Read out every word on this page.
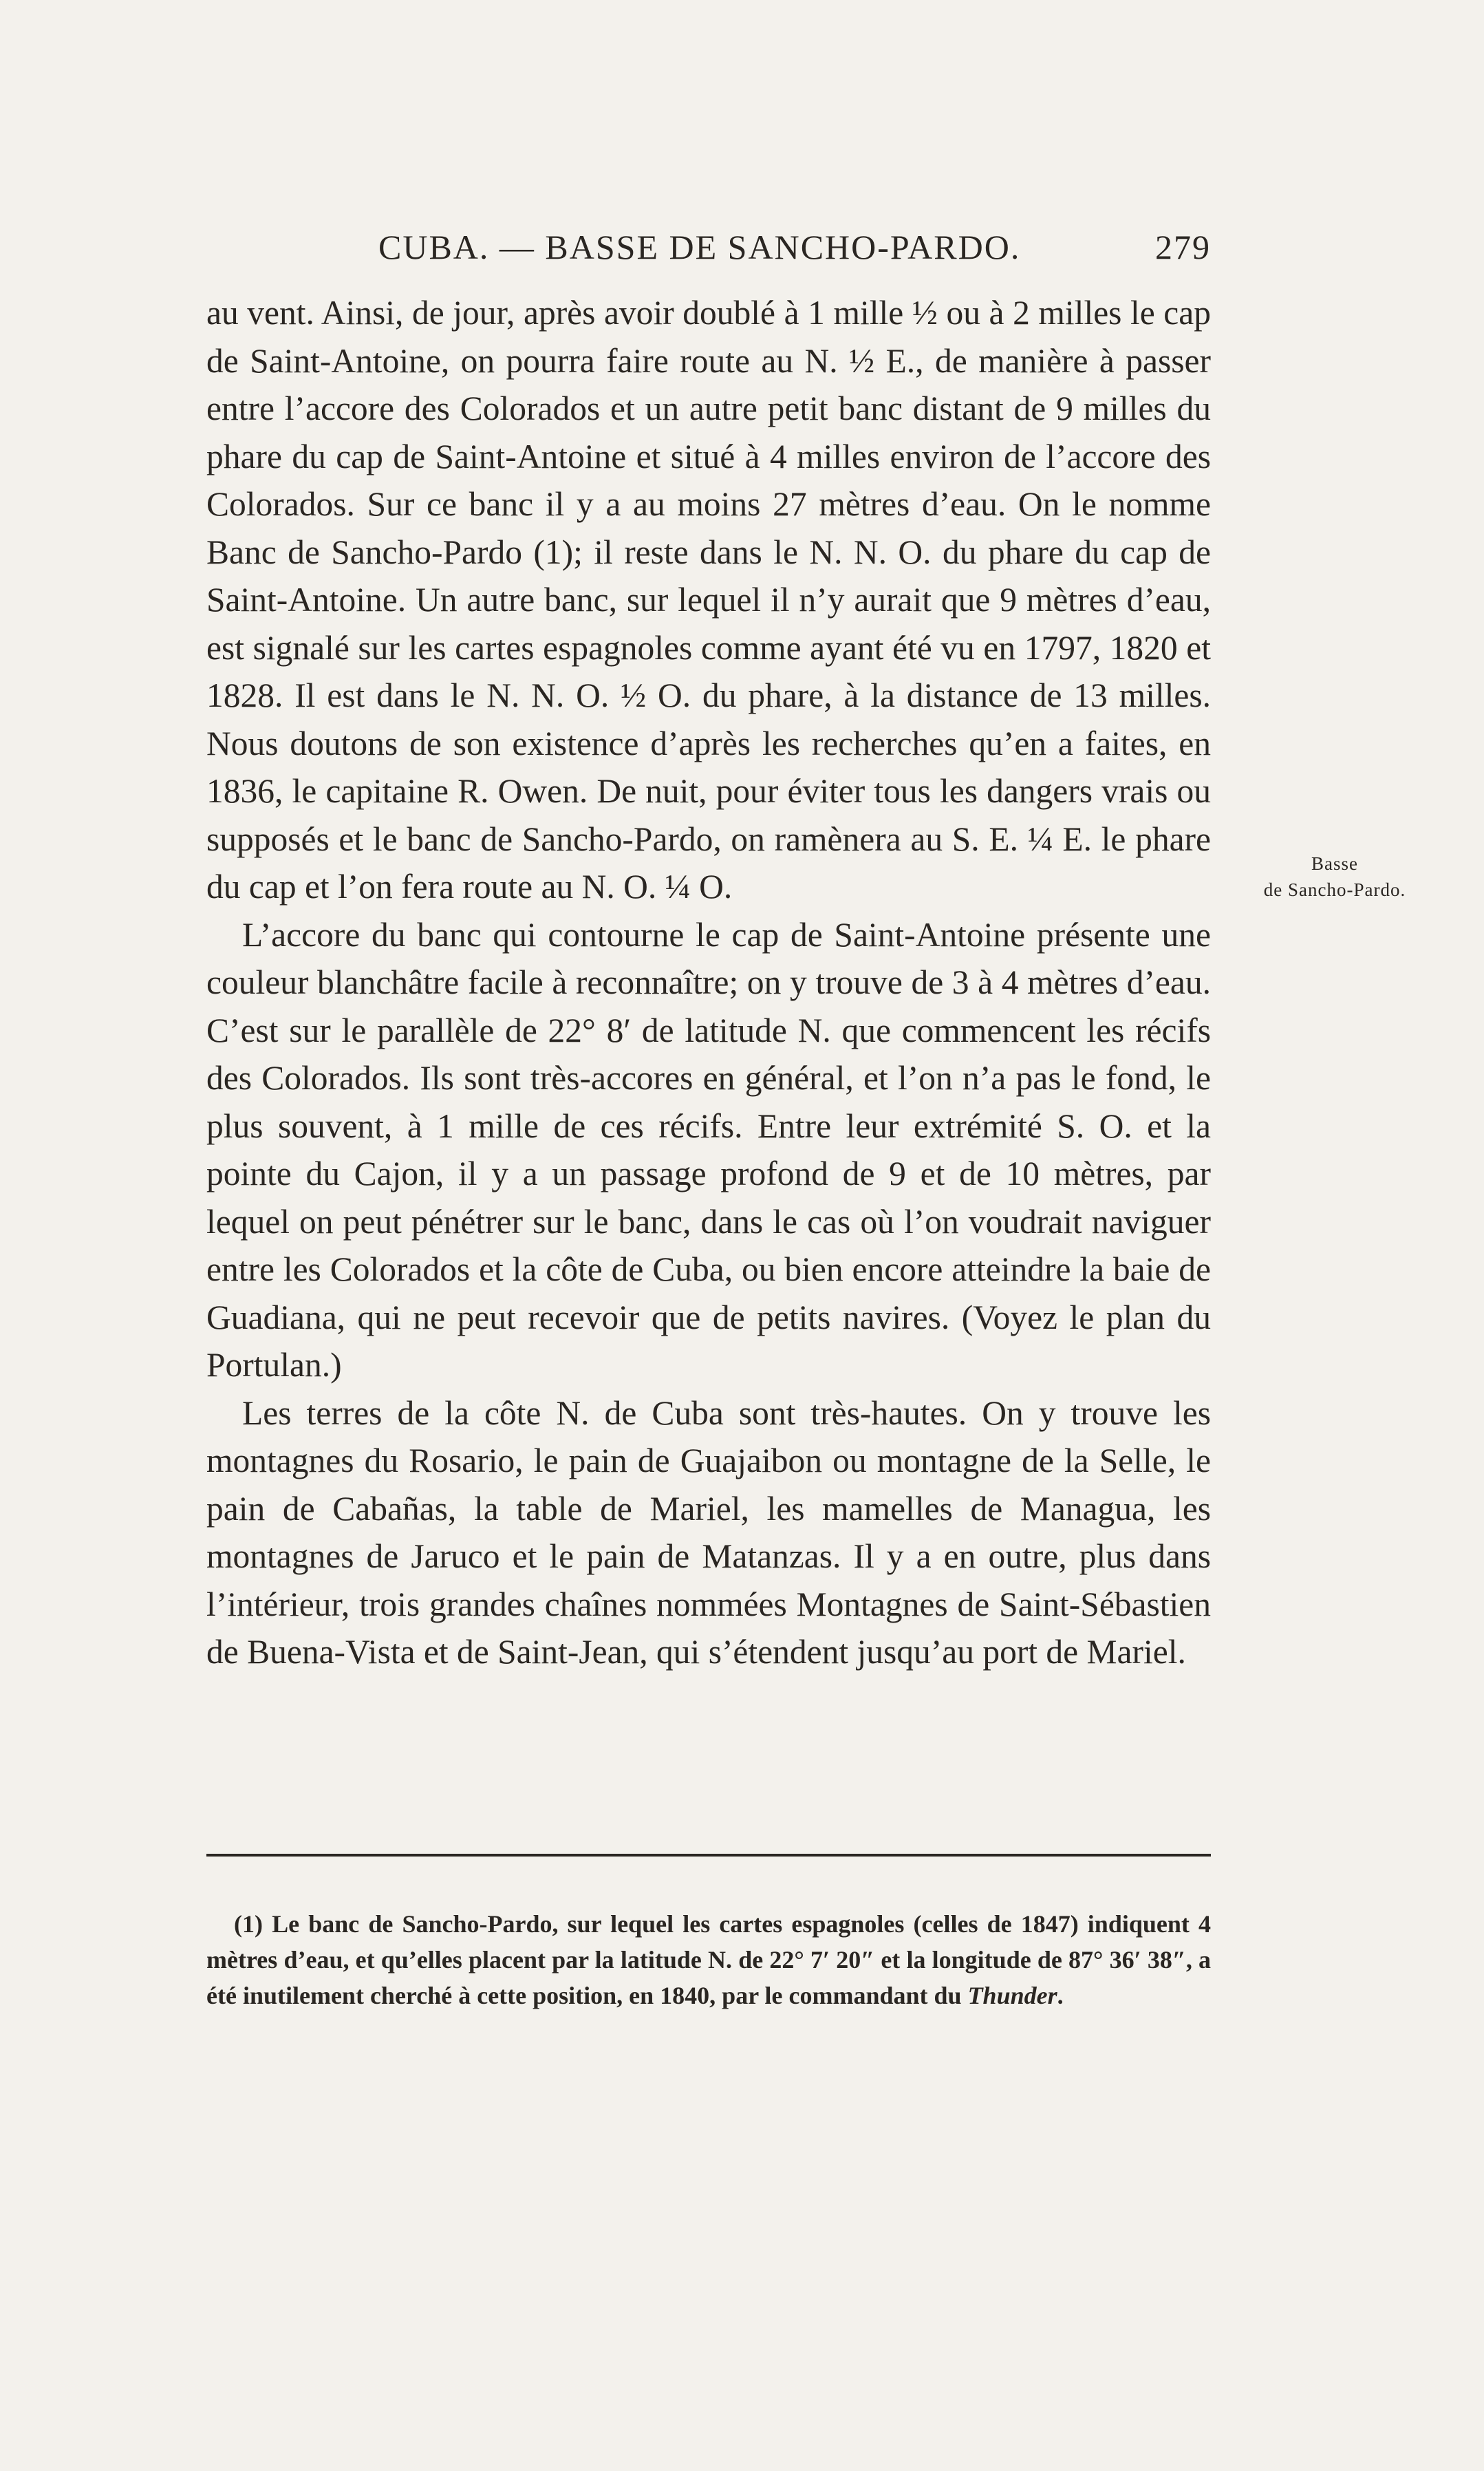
CUBA. — BASSE DE SANCHO-PARDO.	279

au vent. Ainsi, de jour, après avoir doublé à 1 mille ½ ou à 2 milles le cap de Saint-Antoine, on pourra faire route au N. ½ E., de manière à passer entre l’accore des Colorados et un autre petit banc distant de 9 milles du phare du cap de Saint-Antoine et situé à 4 milles environ de l’accore des Colorados. Sur ce banc il y a au moins 27 mètres d’eau. On le nomme Banc de Sancho-Pardo (1); il reste dans le N. N. O. du phare du cap de Saint-Antoine. Un autre banc, sur lequel il n’y aurait que 9 mètres d’eau, est signalé sur les cartes espagnoles comme ayant été vu en 1797, 1820 et 1828. Il est dans le N. N. O. ½ O. du phare, à la distance de 13 milles. Nous doutons de son existence d’après les recherches qu’en a faites, en 1836, le capitaine R. Owen. De nuit, pour éviter tous les dangers vrais ou supposés et le banc de Sancho-Pardo, on ramènera au S. E. ¼ E. le phare du cap et l’on fera route au N. O. ¼ O.

L’accore du banc qui contourne le cap de Saint-Antoine présente une couleur blanchâtre facile à reconnaître; on y trouve de 3 à 4 mètres d’eau. C’est sur le parallèle de 22° 8′ de latitude N. que commencent les récifs des Colorados. Ils sont très-accores en général, et l’on n’a pas le fond, le plus souvent, à 1 mille de ces récifs. Entre leur extrémité S. O. et la pointe du Cajon, il y a un passage profond de 9 et de 10 mètres, par lequel on peut pénétrer sur le banc, dans le cas où l’on voudrait naviguer entre les Colorados et la côte de Cuba, ou bien encore atteindre la baie de Guadiana, qui ne peut recevoir que de petits navires. (Voyez le plan du Portulan.)

Les terres de la côte N. de Cuba sont très-hautes. On y trouve les montagnes du Rosario, le pain de Guajaibon ou montagne de la Selle, le pain de Cabañas, la table de Mariel, les mamelles de Managua, les montagnes de Jaruco et le pain de Matanzas. Il y a en outre, plus dans l’intérieur, trois grandes chaînes nommées Montagnes de Saint-Sébastien de Buena-Vista et de Saint-Jean, qui s’étendent jusqu’au port de Mariel.

Basse
de Sancho-Pardo.

(1) Le banc de Sancho-Pardo, sur lequel les cartes espagnoles (celles de 1847) indiquent 4 mètres d’eau, et qu’elles placent par la latitude N. de 22° 7′ 20″ et la longitude de 87° 36′ 38″, a été inutilement cherché à cette position, en 1840, par le commandant du Thunder.
